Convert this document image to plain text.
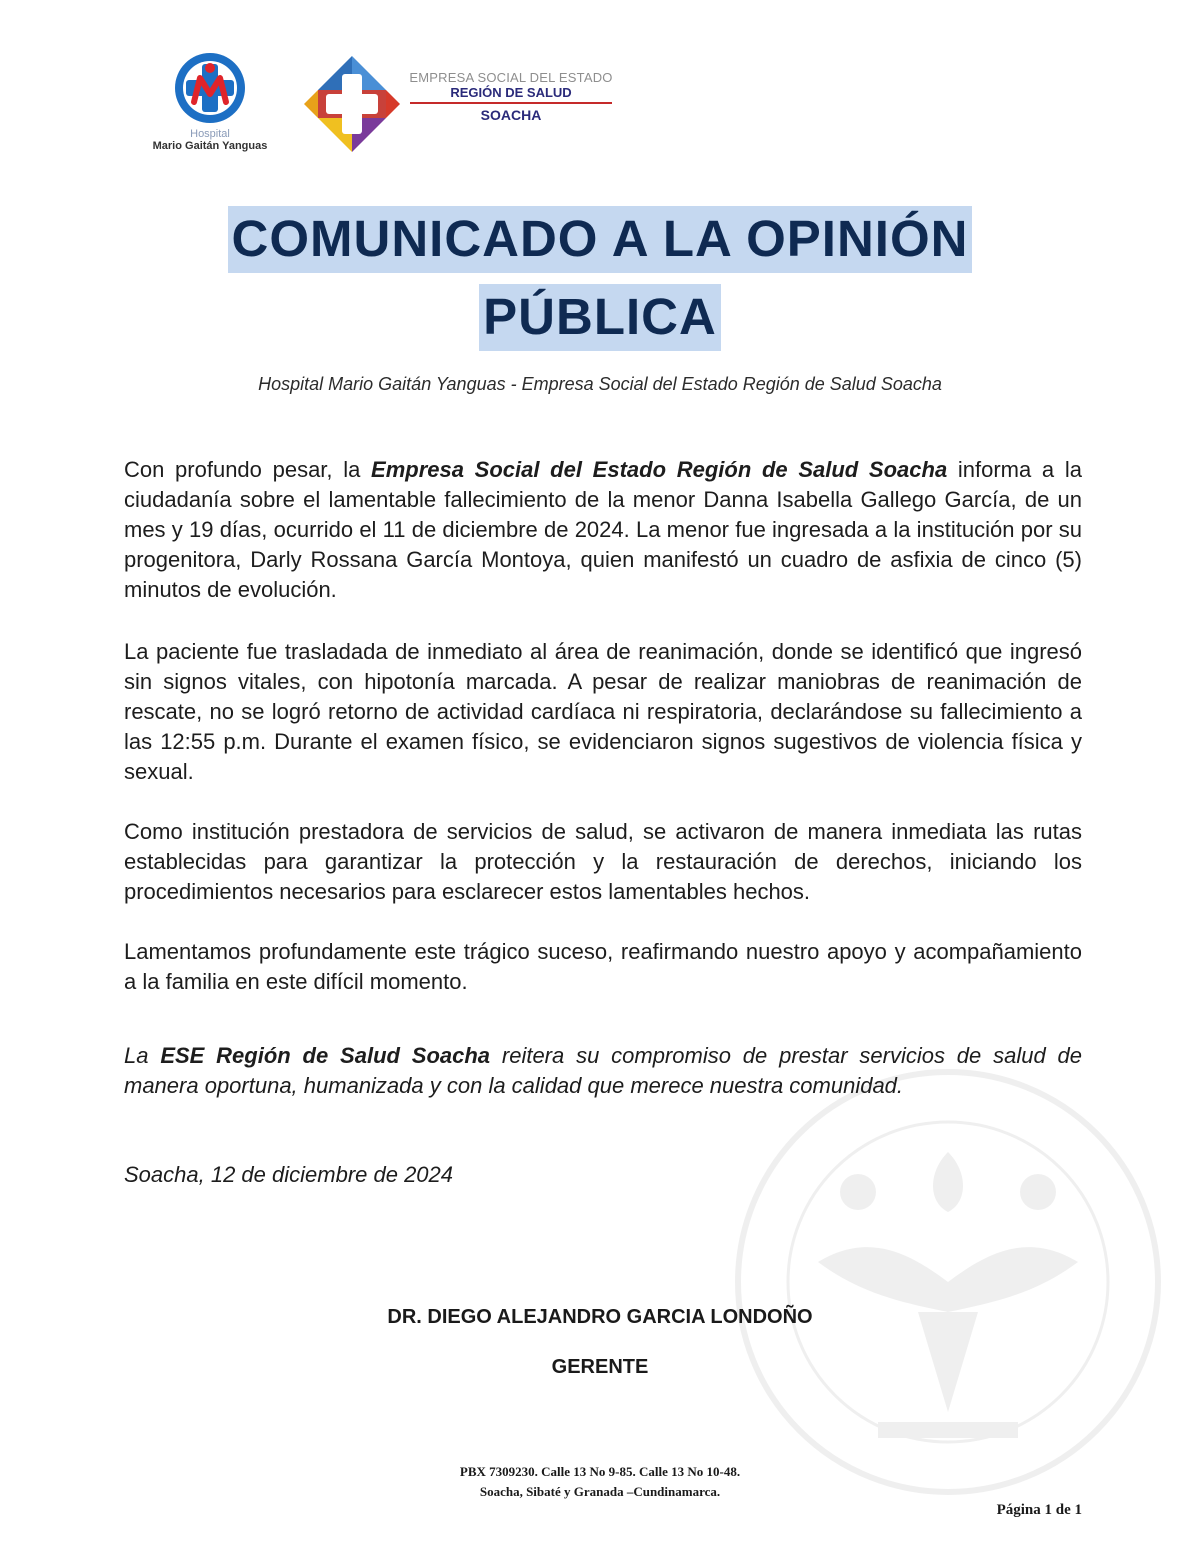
Hospital
Mario Gaitán Yanguas
EMPRESA SOCIAL DEL ESTADO
REGIÓN DE SALUD
SOACHA
COMUNICADO A LA OPINIÓN
PÚBLICA
Hospital Mario Gaitán Yanguas - Empresa Social del Estado Región de Salud Soacha

Con profundo pesar, la Empresa Social del Estado Región de Salud Soacha informa a la ciudadanía sobre el lamentable fallecimiento de la menor Danna Isabella Gallego García, de un mes y 19 días, ocurrido el 11 de diciembre de 2024. La menor fue ingresada a la institución por su progenitora, Darly Rossana García Montoya, quien manifestó un cuadro de asfixia de cinco (5) minutos de evolución.

La paciente fue trasladada de inmediato al área de reanimación, donde se identificó que ingresó sin signos vitales, con hipotonía marcada. A pesar de realizar maniobras de reanimación de rescate, no se logró retorno de actividad cardíaca ni respiratoria, declarándose su fallecimiento a las 12:55 p.m. Durante el examen físico, se evidenciaron signos sugestivos de violencia física y sexual.

Como institución prestadora de servicios de salud, se activaron de manera inmediata las rutas establecidas para garantizar la protección y la restauración de derechos, iniciando los procedimientos necesarios para esclarecer estos lamentables hechos.

Lamentamos profundamente este trágico suceso, reafirmando nuestro apoyo y acompañamiento a la familia en este difícil momento.

La ESE Región de Salud Soacha reitera su compromiso de prestar servicios de salud de manera oportuna, humanizada y con la calidad que merece nuestra comunidad.

Soacha, 12 de diciembre de 2024
DR. DIEGO ALEJANDRO GARCIA LONDOÑO
GERENTE
PBX 7309230. Calle 13 No 9-85. Calle 13 No 10-48.
Soacha, Sibaté y Granada –Cundinamarca.
Página 1 de 1
